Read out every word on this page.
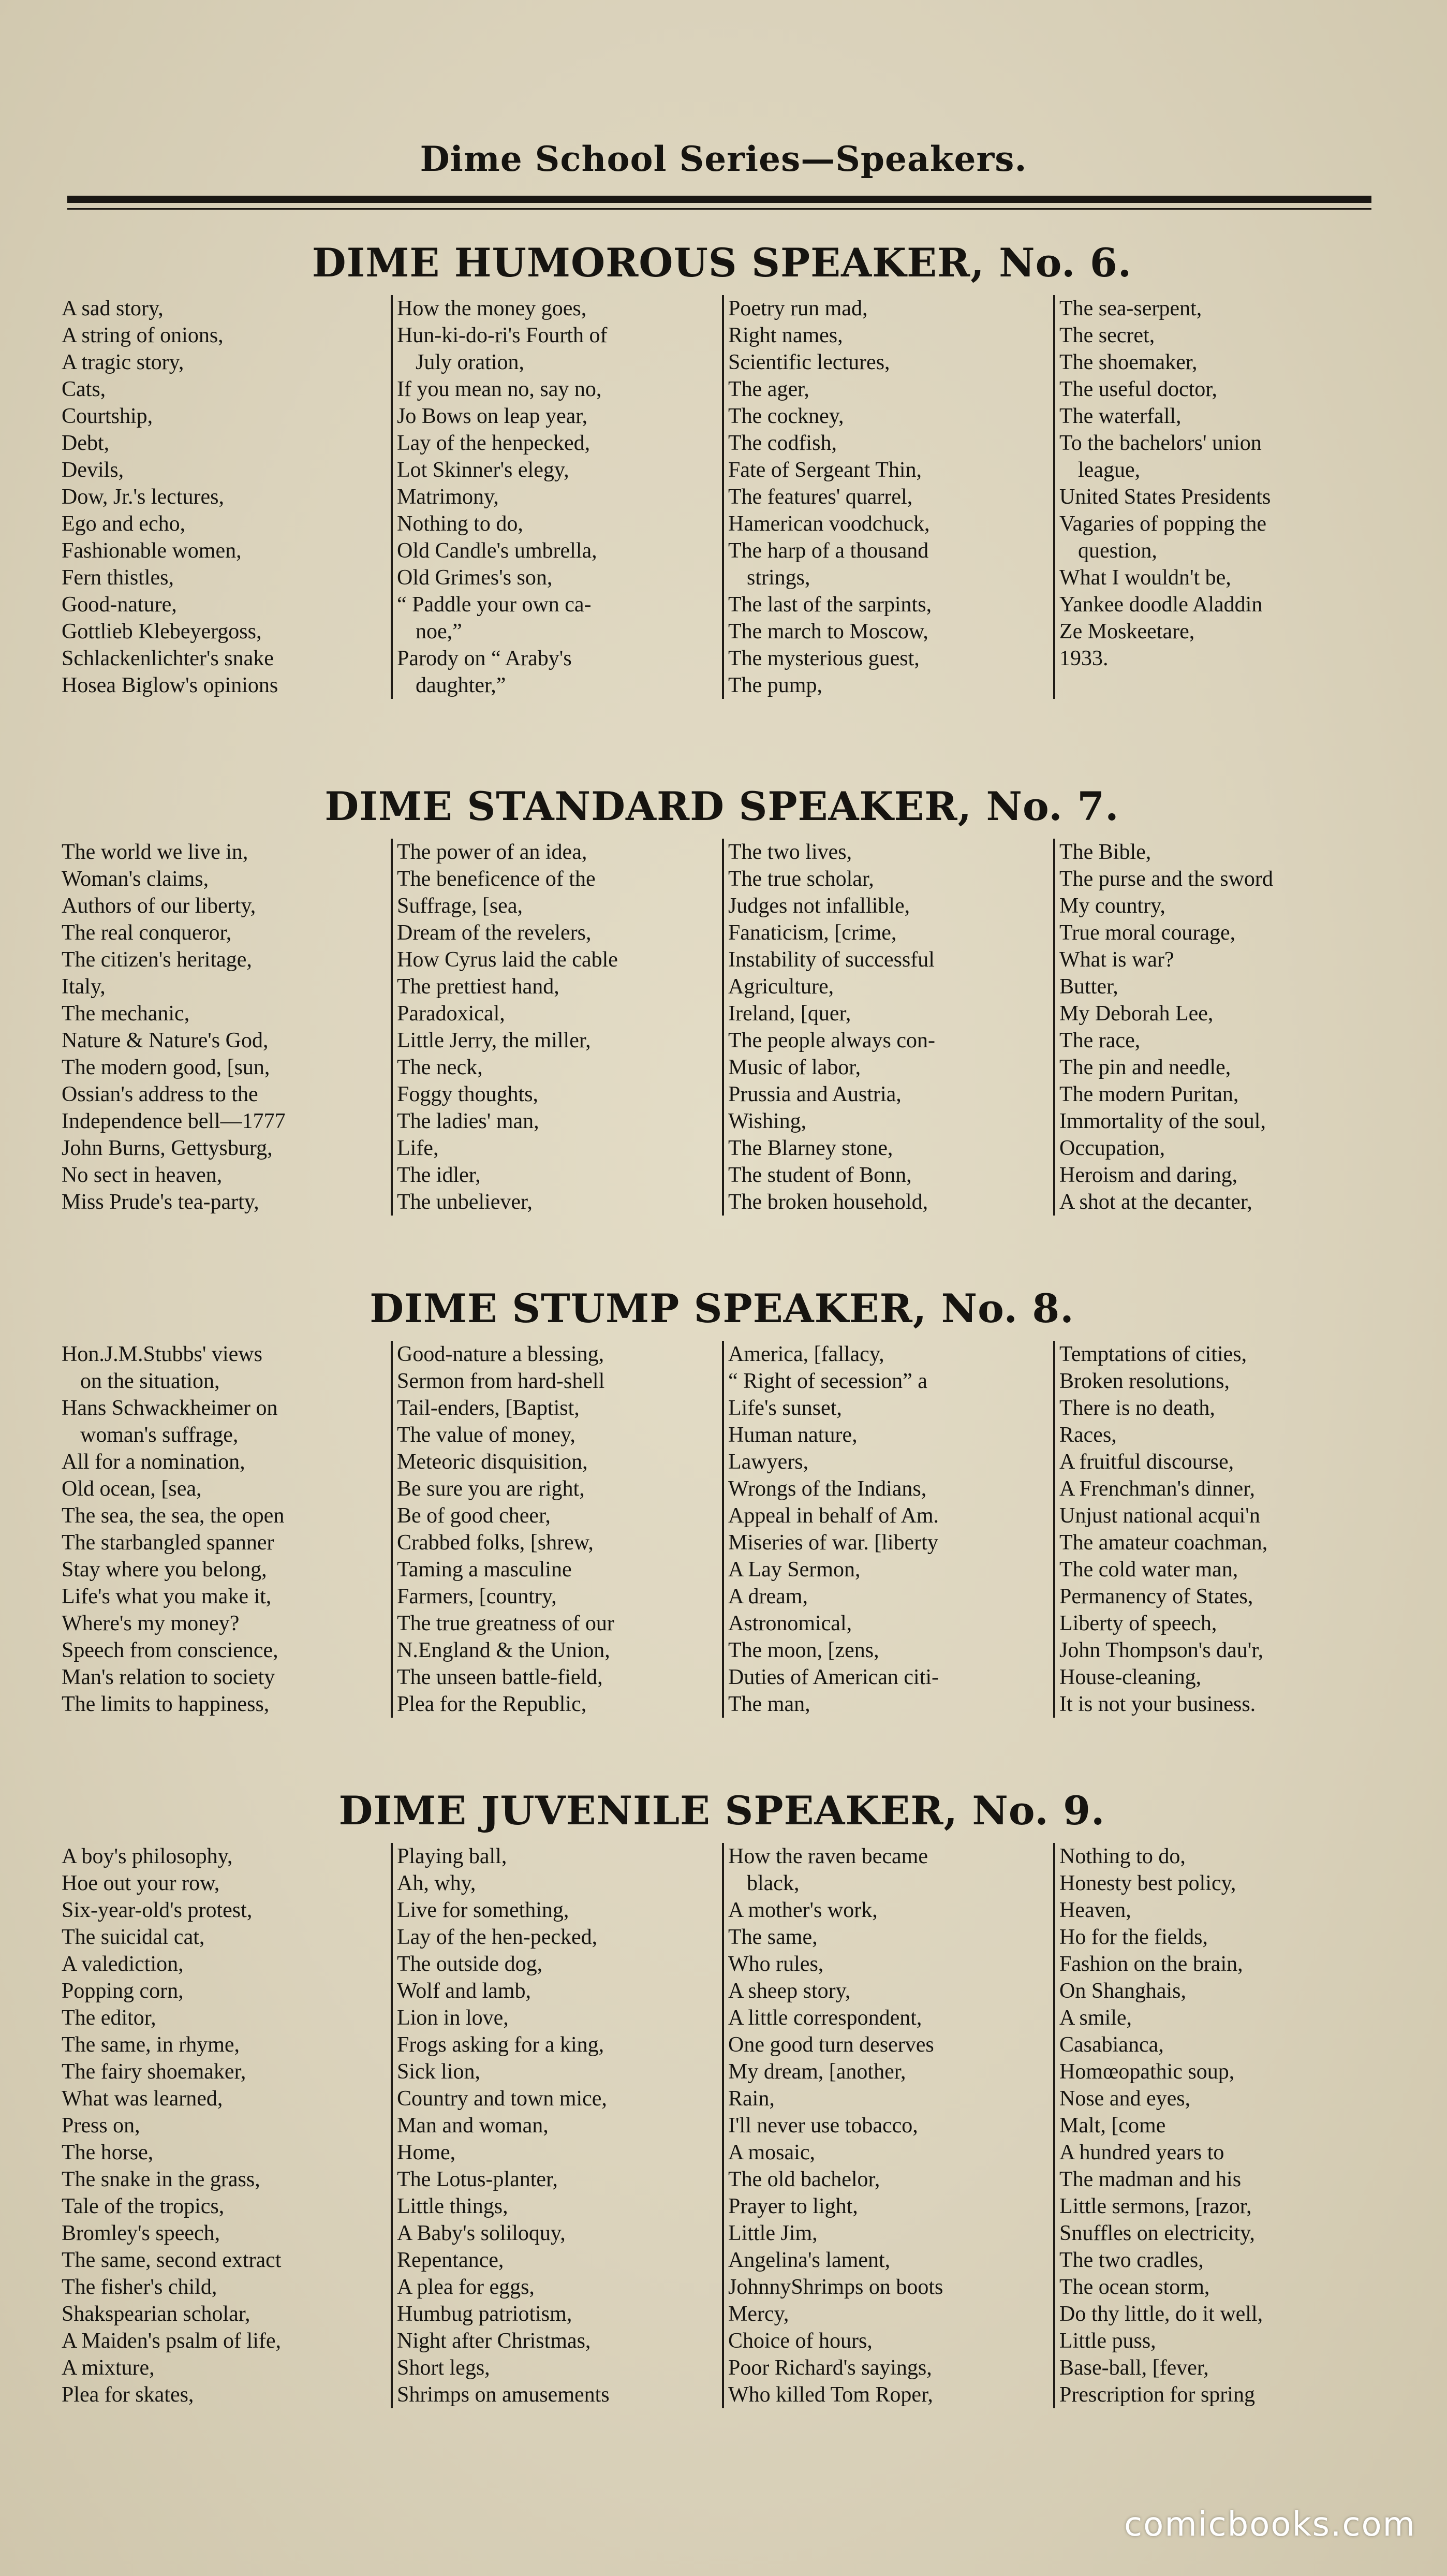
Dime School Series—Speakers.
DIME HUMOROUS SPEAKER, No. 6.
A sad story,
A string of onions,
A tragic story,
Cats,
Courtship,
Debt,
Devils,
Dow, Jr.'s lectures,
Ego and echo,
Fashionable women,
Fern thistles,
Good-nature,
Gottlieb Klebeyergoss,
Schlackenlichter's snake
Hosea Biglow's opinions
How the money goes,
Hun-ki-do-ri's Fourth of
July oration,
If you mean no, say no,
Jo Bows on leap year,
Lay of the henpecked,
Lot Skinner's elegy,
Matrimony,
Nothing to do,
Old Candle's umbrella,
Old Grimes's son,
“ Paddle your own ca-
noe,”
Parody on “ Araby's
daughter,”
Poetry run mad,
Right names,
Scientific lectures,
The ager,
The cockney,
The codfish,
Fate of Sergeant Thin,
The features' quarrel,
Hamerican voodchuck,
The harp of a thousand
strings,
The last of the sarpints,
The march to Moscow,
The mysterious guest,
The pump,
The sea-serpent,
The secret,
The shoemaker,
The useful doctor,
The waterfall,
To the bachelors' union
league,
United States Presidents
Vagaries of popping the
question,
What I wouldn't be,
Yankee doodle Aladdin
Ze Moskeetare,
1933.
DIME STANDARD SPEAKER, No. 7.
The world we live in,
Woman's claims,
Authors of our liberty,
The real conqueror,
The citizen's heritage,
Italy,
The mechanic,
Nature & Nature's God,
The modern good, [sun,
Ossian's address to the
Independence bell—1777
John Burns, Gettysburg,
No sect in heaven,
Miss Prude's tea-party,
The power of an idea,
The beneficence of the
Suffrage, [sea,
Dream of the revelers,
How Cyrus laid the cable
The prettiest hand,
Paradoxical,
Little Jerry, the miller,
The neck,
Foggy thoughts,
The ladies' man,
Life,
The idler,
The unbeliever,
The two lives,
The true scholar,
Judges not infallible,
Fanaticism, [crime,
Instability of successful
Agriculture,
Ireland, [quer,
The people always con-
Music of labor,
Prussia and Austria,
Wishing,
The Blarney stone,
The student of Bonn,
The broken household,
The Bible,
The purse and the sword
My country,
True moral courage,
What is war?
Butter,
My Deborah Lee,
The race,
The pin and needle,
The modern Puritan,
Immortality of the soul,
Occupation,
Heroism and daring,
A shot at the decanter,
DIME STUMP SPEAKER, No. 8.
Hon.J.M.Stubbs' views
on the situation,
Hans Schwackheimer on
woman's suffrage,
All for a nomination,
Old ocean, [sea,
The sea, the sea, the open
The starbangled spanner
Stay where you belong,
Life's what you make it,
Where's my money?
Speech from conscience,
Man's relation to society
The limits to happiness,
Good-nature a blessing,
Sermon from hard-shell
Tail-enders, [Baptist,
The value of money,
Meteoric disquisition,
Be sure you are right,
Be of good cheer,
Crabbed folks, [shrew,
Taming a masculine
Farmers, [country,
The true greatness of our
N.England & the Union,
The unseen battle-field,
Plea for the Republic,
America, [fallacy,
“ Right of secession” a
Life's sunset,
Human nature,
Lawyers,
Wrongs of the Indians,
Appeal in behalf of Am.
Miseries of war. [liberty
A Lay Sermon,
A dream,
Astronomical,
The moon, [zens,
Duties of American citi-
The man,
Temptations of cities,
Broken resolutions,
There is no death,
Races,
A fruitful discourse,
A Frenchman's dinner,
Unjust national acqui'n
The amateur coachman,
The cold water man,
Permanency of States,
Liberty of speech,
John Thompson's dau'r,
House-cleaning,
It is not your business.
DIME JUVENILE SPEAKER, No. 9.
A boy's philosophy,
Hoe out your row,
Six-year-old's protest,
The suicidal cat,
A valediction,
Popping corn,
The editor,
The same, in rhyme,
The fairy shoemaker,
What was learned,
Press on,
The horse,
The snake in the grass,
Tale of the tropics,
Bromley's speech,
The same, second extract
The fisher's child,
Shakspearian scholar,
A Maiden's psalm of life,
A mixture,
Plea for skates,
Playing ball,
Ah, why,
Live for something,
Lay of the hen-pecked,
The outside dog,
Wolf and lamb,
Lion in love,
Frogs asking for a king,
Sick lion,
Country and town mice,
Man and woman,
Home,
The Lotus-planter,
Little things,
A Baby's soliloquy,
Repentance,
A plea for eggs,
Humbug patriotism,
Night after Christmas,
Short legs,
Shrimps on amusements
How the raven became
black,
A mother's work,
The same,
Who rules,
A sheep story,
A little correspondent,
One good turn deserves
My dream, [another,
Rain,
I'll never use tobacco,
A mosaic,
The old bachelor,
Prayer to light,
Little Jim,
Angelina's lament,
JohnnyShrimps on boots
Mercy,
Choice of hours,
Poor Richard's sayings,
Who killed Tom Roper,
Nothing to do,
Honesty best policy,
Heaven,
Ho for the fields,
Fashion on the brain,
On Shanghais,
A smile,
Casabianca,
Homœopathic soup,
Nose and eyes,
Malt, [come
A hundred years to
The madman and his
Little sermons, [razor,
Snuffles on electricity,
The two cradles,
The ocean storm,
Do thy little, do it well,
Little puss,
Base-ball, [fever,
Prescription for spring
comicbooks.com
